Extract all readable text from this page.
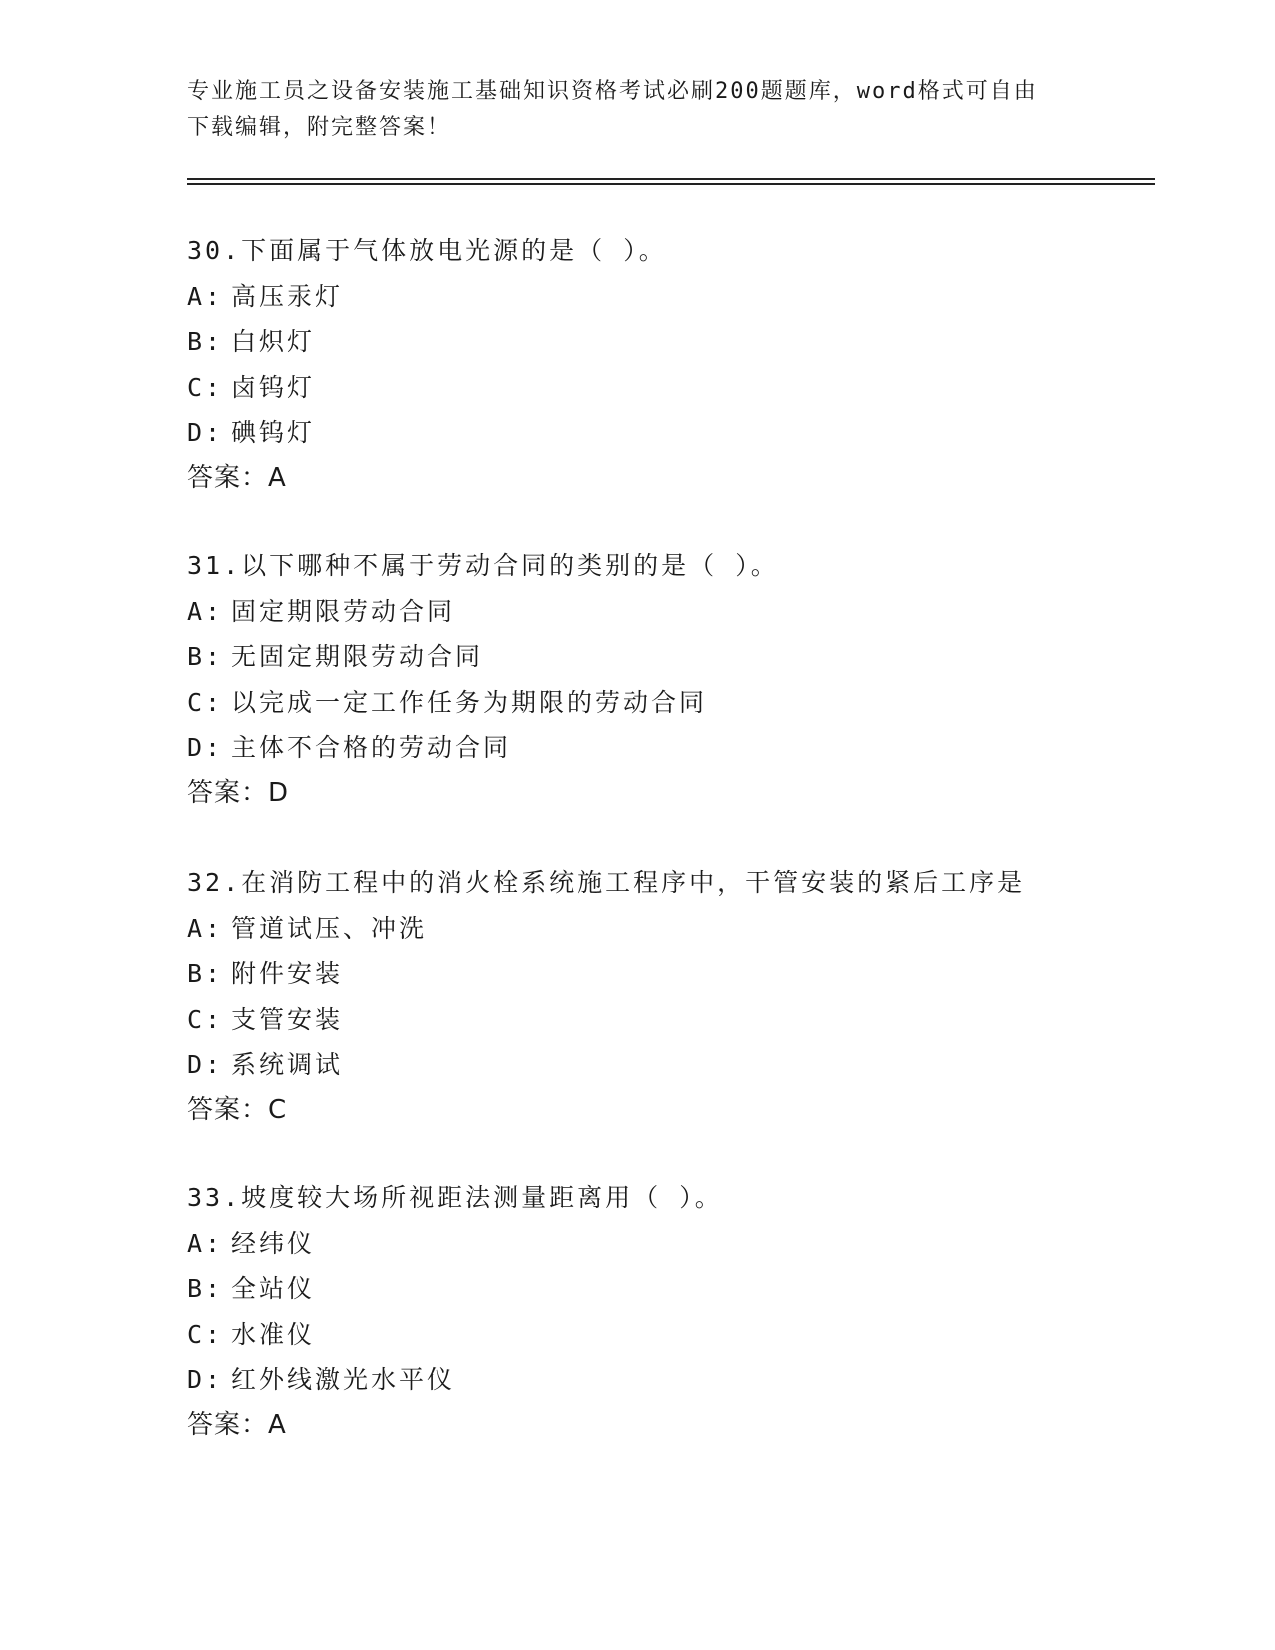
专业施工员之设备安装施工基础知识资格考试必刷200题题库，word格式可自由
下载编辑，附完整答案！
30.下面属于气体放电光源的是（ ）。
A: 高压汞灯
B: 白炽灯
C: 卤钨灯
D: 碘钨灯
答案：A
31.以下哪种不属于劳动合同的类别的是（ ）。
A: 固定期限劳动合同
B: 无固定期限劳动合同
C: 以完成一定工作任务为期限的劳动合同
D: 主体不合格的劳动合同
答案：D
32.在消防工程中的消火栓系统施工程序中，干管安装的紧后工序是
A: 管道试压、冲洗
B: 附件安装
C: 支管安装
D: 系统调试
答案：C
33.坡度较大场所视距法测量距离用（ ）。
A: 经纬仪
B: 全站仪
C: 水准仪
D: 红外线激光水平仪
答案：A
